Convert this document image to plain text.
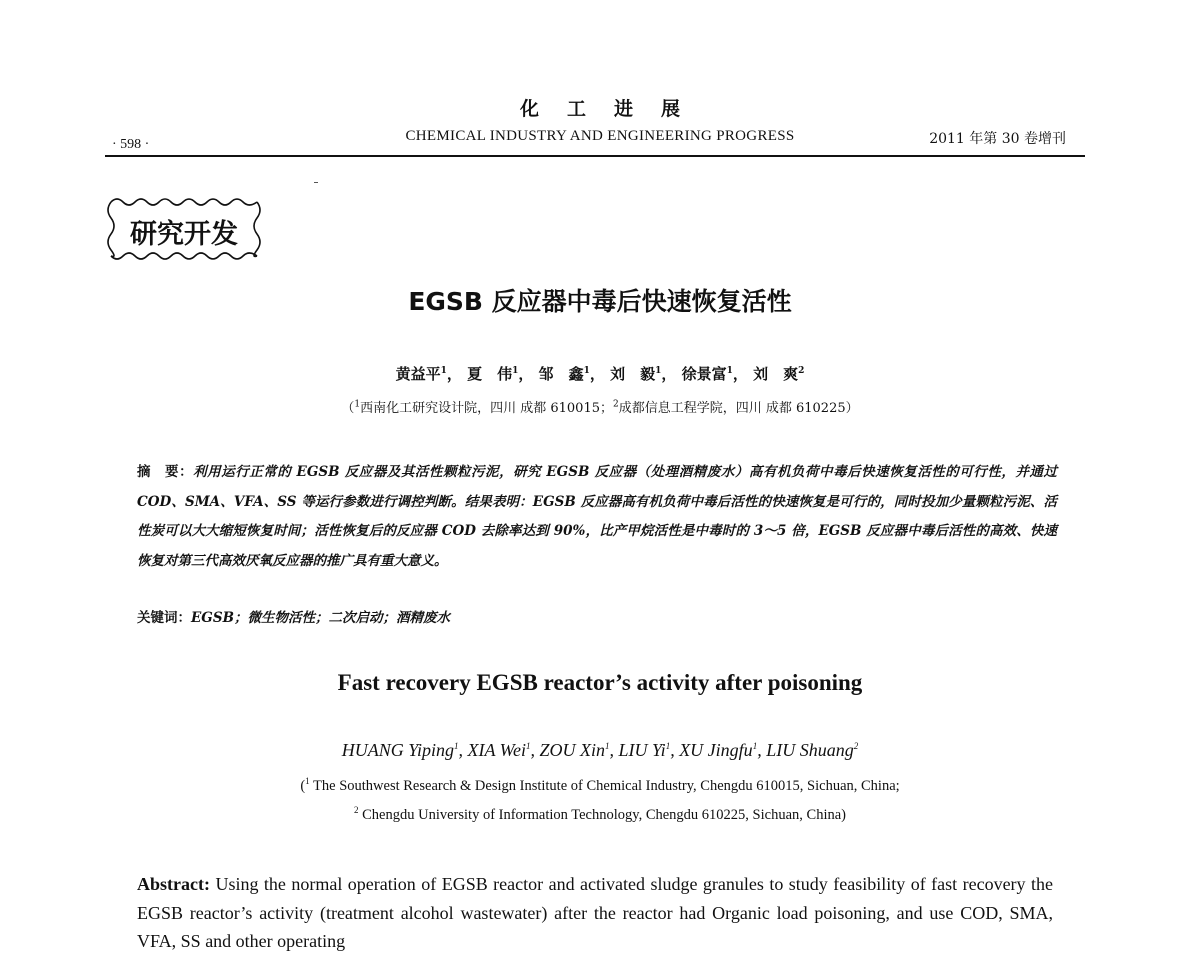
化工进展
· 598 ·
CHEMICAL INDUSTRY AND ENGINEERING PROGRESS	2011 年第 30 卷增刊
研究开发
EGSB 反应器中毒后快速恢复活性
黄益平$^1$， 夏　伟$^1$， 邹　鑫$^1$， 刘　毅$^1$， 徐景富$^1$， 刘　爽$^2$
（$^1$西南化工研究设计院，四川 成都 610015；$^2$成都信息工程学院，四川 成都 610225）
摘　要：利用运行正常的 EGSB 反应器及其活性颗粒污泥，研究 EGSB 反应器（处理酒精废水）高有机负荷中毒后快速恢复活性的可行性，并通过 COD、SMA、VFA、SS 等运行参数进行调控判断。结果表明：EGSB 反应器高有机负荷中毒后活性的快速恢复是可行的，同时投加少量颗粒污泥、活性炭可以大大缩短恢复时间；活性恢复后的反应器 COD 去除率达到 90%，比产甲烷活性是中毒时的 3～5 倍，EGSB 反应器中毒后活性的高效、快速恢复对第三代高效厌氧反应器的推广具有重大意义。
关键词：EGSB；微生物活性；二次启动；酒精废水
Fast recovery EGSB reactor’s activity after poisoning
HUANG Yiping$^1$, XIA Wei$^1$, ZOU Xin$^1$, LIU Yi$^1$, XU Jingfu$^1$, LIU Shuang$^2$
($^1$ The Southwest Research & Design Institute of Chemical Industry, Chengdu 610015, Sichuan, China;
$^2$ Chengdu University of Information Technology, Chengdu 610225, Sichuan, China)
Abstract: Using the normal operation of EGSB reactor and activated sludge granules to study feasibility of fast recovery the EGSB reactor’s activity (treatment alcohol wastewater) after the reactor had Organic load poisoning, and use COD, SMA, VFA, SS and other operating
